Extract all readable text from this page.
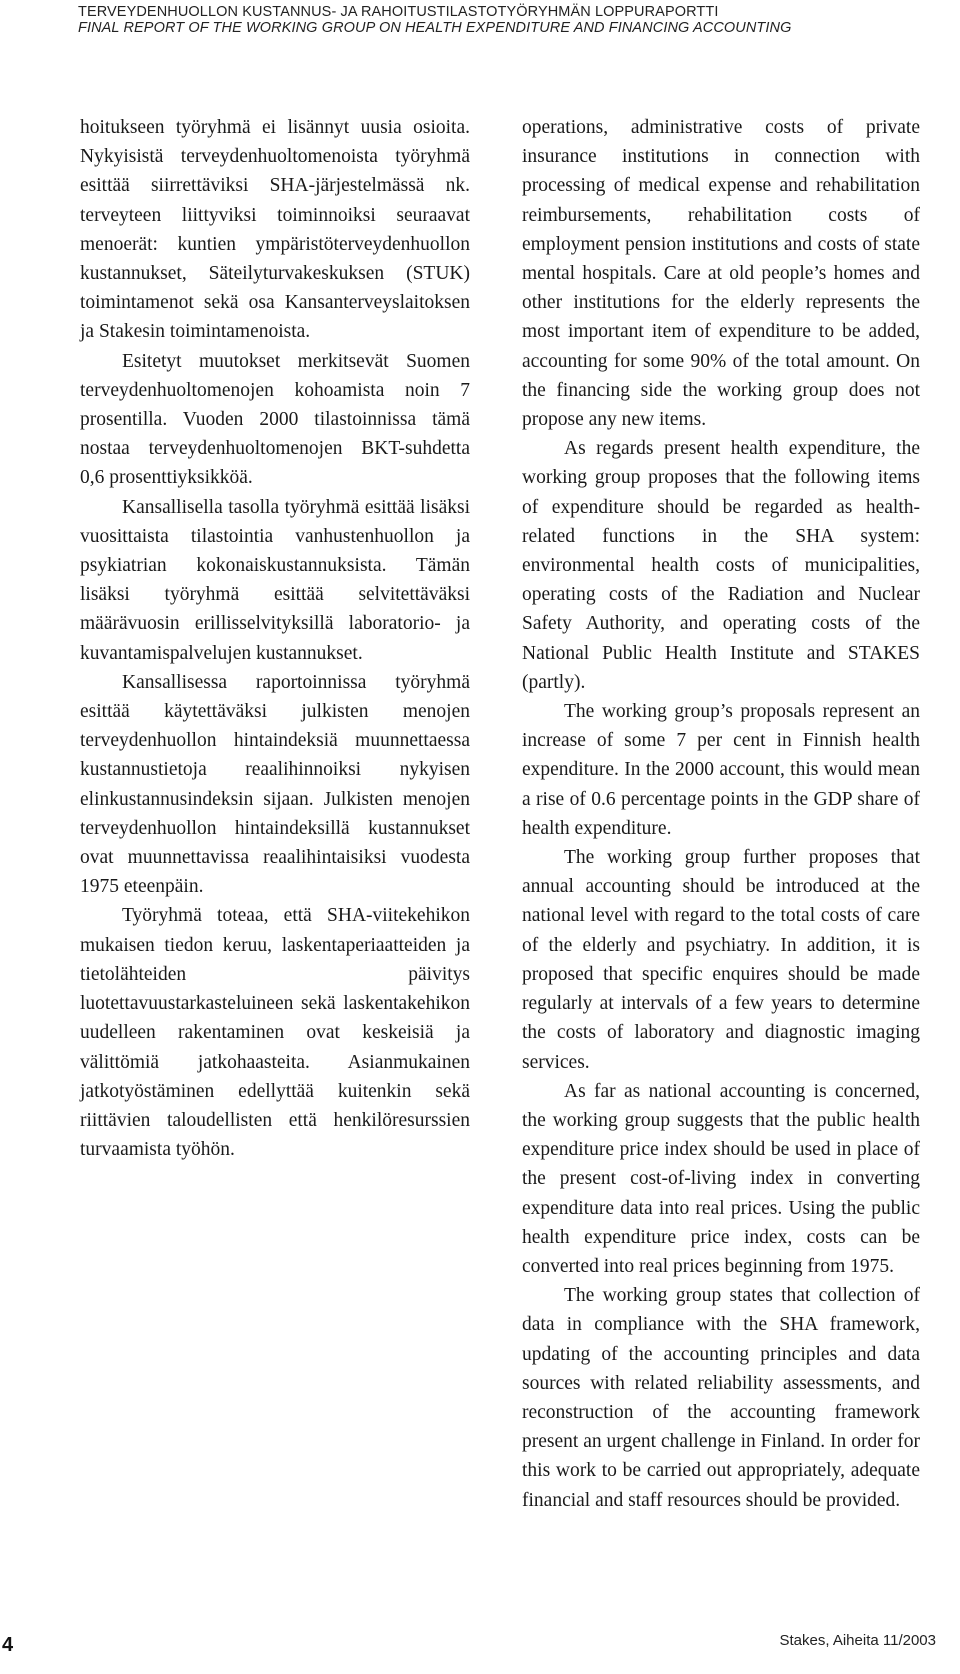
TERVEYDENHUOLLON KUSTANNUS- JA RAHOITUSTILASTOTYÖRYHMÄN LOPPURAPORTTI
FINAL REPORT OF THE WORKING GROUP ON HEALTH EXPENDITURE AND FINANCING ACCOUNTING

hoitukseen työryhmä ei lisännyt uusia osioita. Nykyisistä terveydenhuoltomenoista työryhmä esittää siirrettäviksi SHA-järjestelmässä nk. terveyteen liittyviksi toiminnoiksi seuraavat menoerät: kuntien ympäristöterveydenhuollon kustannukset, Säteilyturvakeskuksen (STUK) toimintamenot sekä osa Kansanterveyslaitoksen ja Stakesin toimintamenoista.

Esitetyt muutokset merkitsevät Suomen terveydenhuoltomenojen kohoamista noin 7 prosentilla. Vuoden 2000 tilastoinnissa tämä nostaa terveydenhuoltomenojen BKT-suhdetta 0,6 prosenttiyksikköä.

Kansallisella tasolla työryhmä esittää lisäksi vuosittaista tilastointia vanhustenhuollon ja psykiatrian kokonaiskustannuksista. Tämän lisäksi työryhmä esittää selvitettäväksi määrävuosin erillisselvityksillä laboratorio- ja kuvantamispalvelujen kustannukset.

Kansallisessa raportoinnissa työryhmä esittää käytettäväksi julkisten menojen terveydenhuollon hintaindeksiä muunnettaessa kustannustietoja reaalihinnoiksi nykyisen elinkustannusindeksin sijaan. Julkisten menojen terveydenhuollon hintaindeksillä kustannukset ovat muunnettavissa reaalihintaisiksi vuodesta 1975 eteenpäin.

Työryhmä toteaa, että SHA-viitekehikon mukaisen tiedon keruu, laskentaperiaatteiden ja tietolähteiden päivitys luotettavuustarkasteluineen sekä laskentakehikon uudelleen rakentaminen ovat keskeisiä ja välittömiä jatkohaasteita. Asianmukainen jatkotyöstäminen edellyttää kuitenkin sekä riittävien taloudellisten että henkilöresurssien turvaamista työhön.

operations, administrative costs of private insurance institutions in connection with processing of medical expense and rehabilitation reimbursements, rehabilitation costs of employment pension institutions and costs of state mental hospitals. Care at old people’s homes and other institutions for the elderly represents the most important item of expenditure to be added, accounting for some 90% of the total amount. On the financing side the working group does not propose any new items.

As regards present health expenditure, the working group proposes that the following items of expenditure should be regarded as health-related functions in the SHA system: environmental health costs of municipalities, operating costs of the Radiation and Nuclear Safety Authority, and operating costs of the National Public Health Institute and STAKES (partly).

The working group’s proposals represent an increase of some 7 per cent in Finnish health expenditure. In the 2000 account, this would mean a rise of 0.6 percentage points in the GDP share of health expenditure.

The working group further proposes that annual accounting should be introduced at the national level with regard to the total costs of care of the elderly and psychiatry. In addition, it is proposed that specific enquires should be made regularly at intervals of a few years to determine the costs of laboratory and diagnostic imaging services.

As far as national accounting is concerned, the working group suggests that the public health expenditure price index should be used in place of the present cost-of-living index in converting expenditure data into real prices. Using the public health expenditure price index, costs can be converted into real prices beginning from 1975.

The working group states that collection of data in compliance with the SHA framework, updating of the accounting principles and data sources with related reliability assessments, and reconstruction of the accounting framework present an urgent challenge in Finland. In order for this work to be carried out appropriately, adequate financial and staff resources should be provided.

4	Stakes, Aiheita 11/2003
